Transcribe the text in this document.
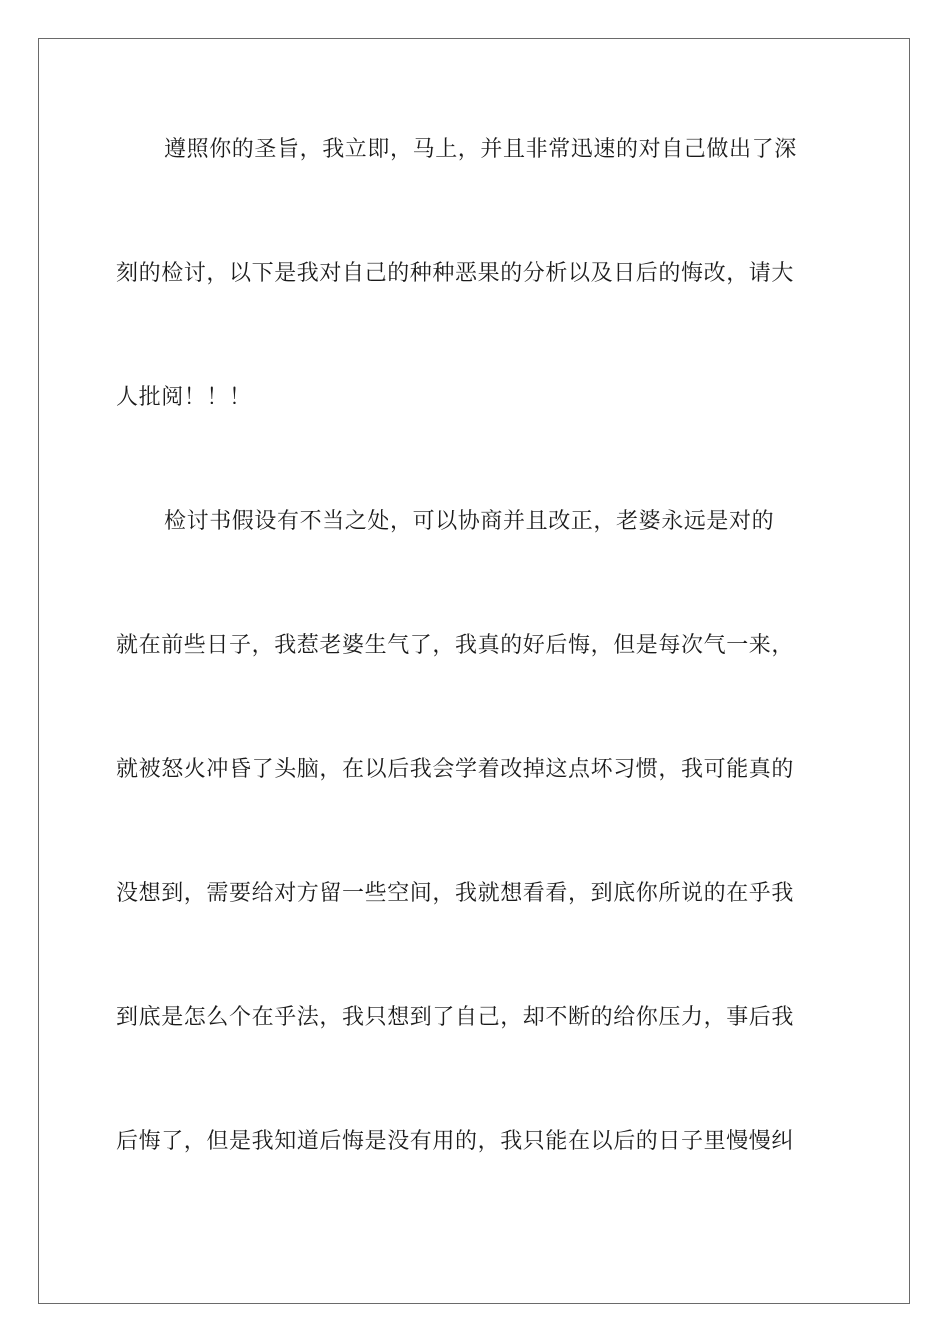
遵照你的圣旨，我立即，马上，并且非常迅速的对自己做出了深
刻的检讨，以下是我对自己的种种恶果的分析以及日后的悔改，请大
人批阅！！！
检讨书假设有不当之处，可以协商并且改正，老婆永远是对的
就在前些日子，我惹老婆生气了，我真的好后悔，但是每次气一来，
就被怒火冲昏了头脑，在以后我会学着改掉这点坏习惯，我可能真的
没想到，需要给对方留一些空间，我就想看看，到底你所说的在乎我
到底是怎么个在乎法，我只想到了自己，却不断的给你压力，事后我
后悔了，但是我知道后悔是没有用的，我只能在以后的日子里慢慢纠
